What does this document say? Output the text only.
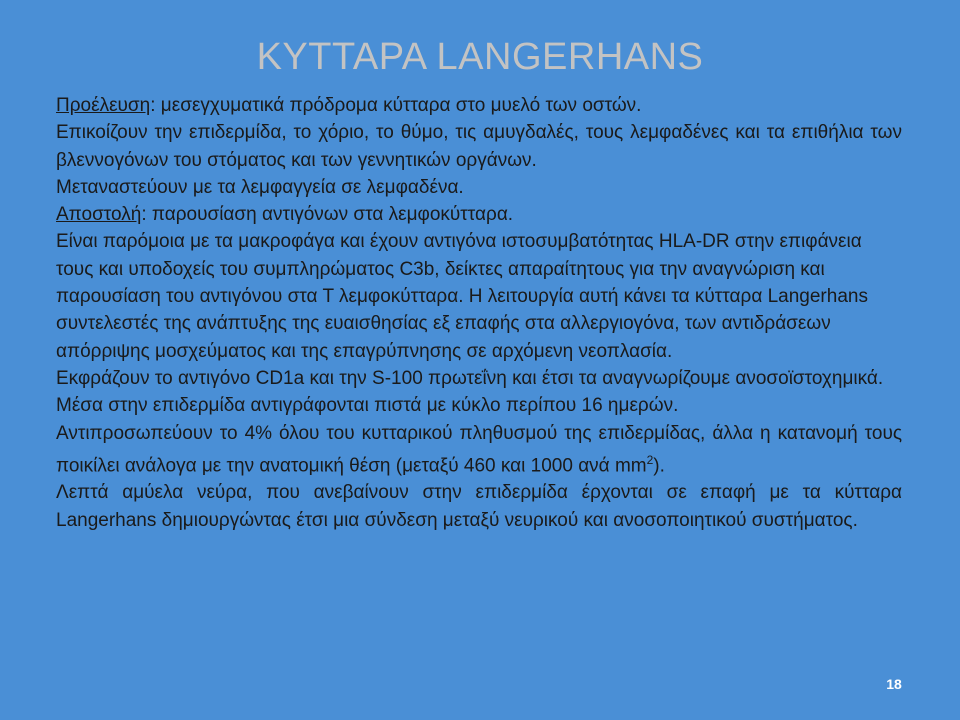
ΚΥΤΤΑΡΑ LANGERHANS

Προέλευση: μεσεγχυματικά πρόδρομα κύτταρα στο μυελό των οστών.

Επικοίζουν την επιδερμίδα, το χόριο, το θύμο, τις αμυγδαλές, τους λεμφαδένες και τα επιθήλια των βλεννογόνων του στόματος και των γεννητικών οργάνων.

Μεταναστεύουν με τα λεμφαγγεία σε λεμφαδένα.

Αποστολή: παρουσίαση αντιγόνων στα λεμφοκύτταρα.

Είναι παρόμοια με τα μακροφάγα και έχουν αντιγόνα ιστοσυμβατότητας HLA-DR στην επιφάνεια τους και υποδοχείς του συμπληρώματος C3b, δείκτες απαραίτητους για την αναγνώριση και παρουσίαση του αντιγόνου στα Τ λεμφοκύτταρα. Η λειτουργία αυτή κάνει τα κύτταρα Langerhans συντελεστές της ανάπτυξης της ευαισθησίας εξ επαφής στα αλλεργιογόνα, των αντιδράσεων απόρριψης μοσχεύματος και της επαγρύπνησης σε αρχόμενη νεοπλασία.

Εκφράζουν το αντιγόνο CD1a και την S-100 πρωτεΐνη και έτσι τα αναγνωρίζουμε ανοσοϊστοχημικά.

Μέσα στην επιδερμίδα αντιγράφονται πιστά με κύκλο περίπου 16 ημερών.

Αντιπροσωπεύουν το 4% όλου του κυτταρικού πληθυσμού της επιδερμίδας, άλλα η κατανομή τους ποικίλει ανάλογα με την ανατομική θέση (μεταξύ 460 και 1000 ανά $mm^2$).

Λεπτά αμύελα νεύρα, που ανεβαίνουν στην επιδερμίδα έρχονται σε επαφή με τα κύτταρα Langerhans δημιουργώντας έτσι μια σύνδεση μεταξύ νευρικού και ανοσοποιητικού συστήματος.

18
